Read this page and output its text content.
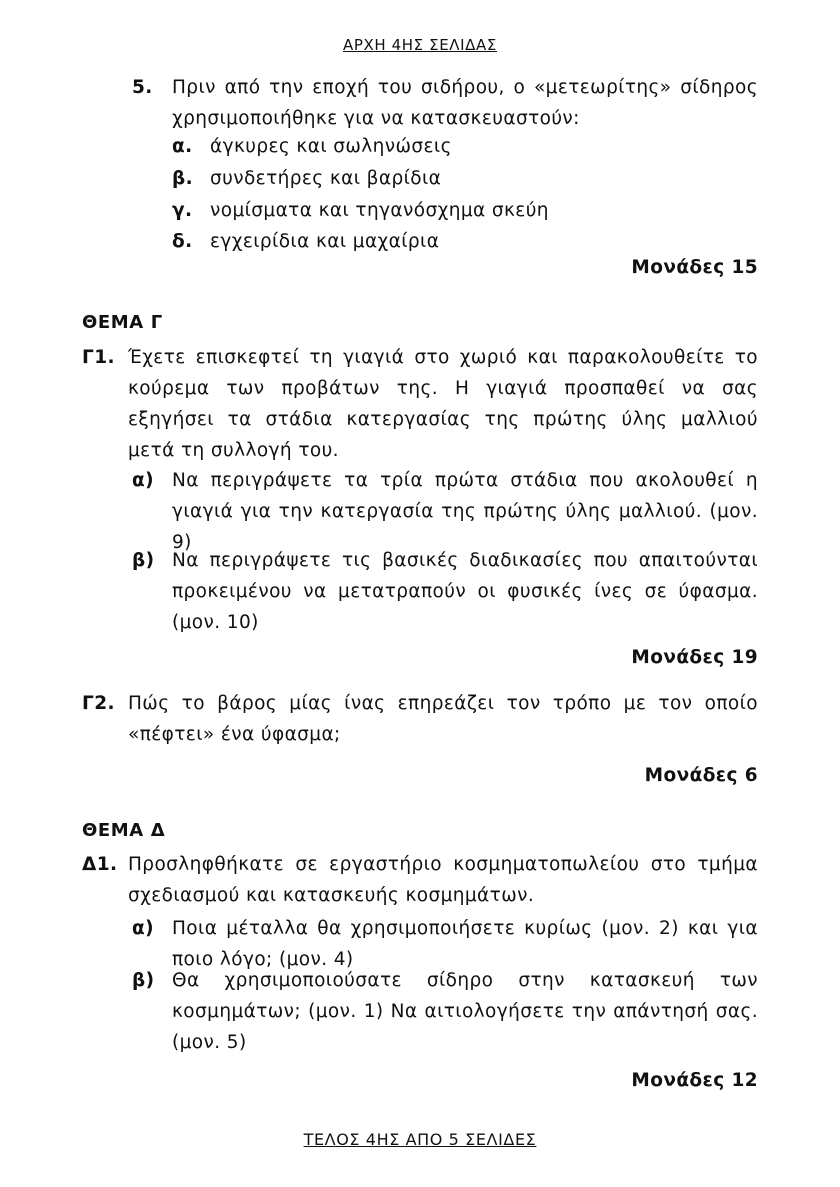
ΑΡΧΗ 4ΗΣ ΣΕΛΙΔΑΣ
5. Πριν από την εποχή του σιδήρου, ο «μετεωρίτης» σίδηρος χρησιμοποιήθηκε για να κατασκευαστούν:
α. άγκυρες και σωληνώσεις
β. συνδετήρες και βαρίδια
γ. νομίσματα και τηγανόσχημα σκεύη
δ. εγχειρίδια και μαχαίρια
Μονάδες 15
ΘΕΜΑ Γ
Γ1. Έχετε επισκεφτεί τη γιαγιά στο χωριό και παρακολουθείτε το κούρεμα των προβάτων της. Η γιαγιά προσπαθεί να σας εξηγήσει τα στάδια κατεργασίας της πρώτης ύλης μαλλιού μετά τη συλλογή του.
α) Να περιγράψετε τα τρία πρώτα στάδια που ακολουθεί η γιαγιά για την κατεργασία της πρώτης ύλης μαλλιού. (μον. 9)
β) Να περιγράψετε τις βασικές διαδικασίες που απαιτούνται προκειμένου να μετατραπούν οι φυσικές ίνες σε ύφασμα. (μον. 10)
Μονάδες 19
Γ2. Πώς το βάρος μίας ίνας επηρεάζει τον τρόπο με τον οποίο «πέφτει» ένα ύφασμα;
Μονάδες 6
ΘΕΜΑ Δ
Δ1. Προσληφθήκατε σε εργαστήριο κοσμηματοπωλείου στο τμήμα σχεδιασμού και κατασκευής κοσμημάτων.
α) Ποια μέταλλα θα χρησιμοποιήσετε κυρίως (μον. 2) και για ποιο λόγο; (μον. 4)
β) Θα χρησιμοποιούσατε σίδηρο στην κατασκευή των κοσμημάτων; (μον. 1) Να αιτιολογήσετε την απάντησή σας. (μον. 5)
Μονάδες 12
ΤΕΛΟΣ 4ΗΣ ΑΠΟ 5 ΣΕΛΙΔΕΣ
